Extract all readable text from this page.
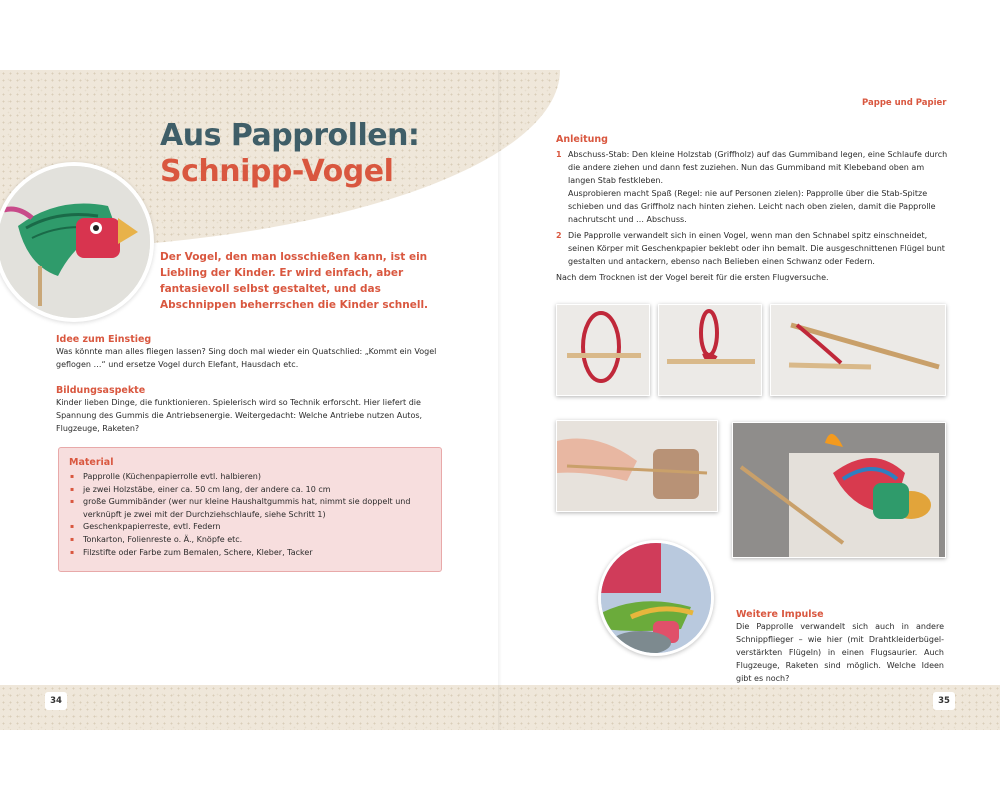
Aus Papprollen:
Schnipp-Vogel

Der Vogel, den man losschießen kann, ist ein Liebling der Kinder. Er wird einfach, aber fantasievoll selbst gestaltet, und das Abschnippen beherrschen die Kinder schnell.

Idee zum Einstieg

Was könnte man alles fliegen lassen? Sing doch mal wieder ein Quatschlied: „Kommt ein Vogel geflogen …“ und ersetze Vogel durch Elefant, Hausdach etc.

Bildungsaspekte

Kinder lieben Dinge, die funktionieren. Spielerisch wird so Technik erforscht. Hier liefert die Spannung des Gummis die Antriebsenergie. Weitergedacht: Welche Antriebe nutzen Autos, Flugzeuge, Raketen?

Material

▪ Papprolle (Küchenpapierrolle evtl. halbieren)
▪ je zwei Holzstäbe, einer ca. 50 cm lang, der andere ca. 10 cm
▪ große Gummibänder (wer nur kleine Haushaltgummis hat, nimmt sie doppelt und verknüpft je zwei mit der Durchziehschlaufe, siehe Schritt 1)
▪ Geschenkpapierreste, evtl. Federn
▪ Tonkarton, Folienreste o. Ä., Knöpfe etc.
▪ Filzstifte oder Farbe zum Bemalen, Schere, Kleber, Tacker
34
Pappe und Papier

Anleitung

1 Abschuss-Stab: Den kleine Holzstab (Griffholz) auf das Gummiband legen, eine Schlaufe durch die andere ziehen und dann fest zuziehen. Nun das Gummiband mit Klebeband oben am langen Stab festkleben.

Ausprobieren macht Spaß (Regel: nie auf Personen zielen): Papprolle über die Stab-Spitze schieben und das Griffholz nach hinten ziehen. Leicht nach oben zielen, damit die Papprolle nachrutscht und … Abschuss.

2 Die Papprolle verwandelt sich in einen Vogel, wenn man den Schnabel spitz einschneidet, seinen Körper mit Geschenkpapier beklebt oder ihn bemalt. Die ausgeschnittenen Flügel bunt gestalten und antackern, ebenso nach Belieben einen Schwanz oder Federn.
Nach dem Trocknen ist der Vogel bereit für die ersten Flugversuche.

Weitere Impulse

Die Papprolle verwandelt sich auch in andere Schnippflieger – wie hier (mit Drahtkleiderbügel-verstärkten Flügeln) in einen Flugsaurier. Auch Flugzeuge, Raketen sind möglich. Welche Ideen gibt es noch?

35
